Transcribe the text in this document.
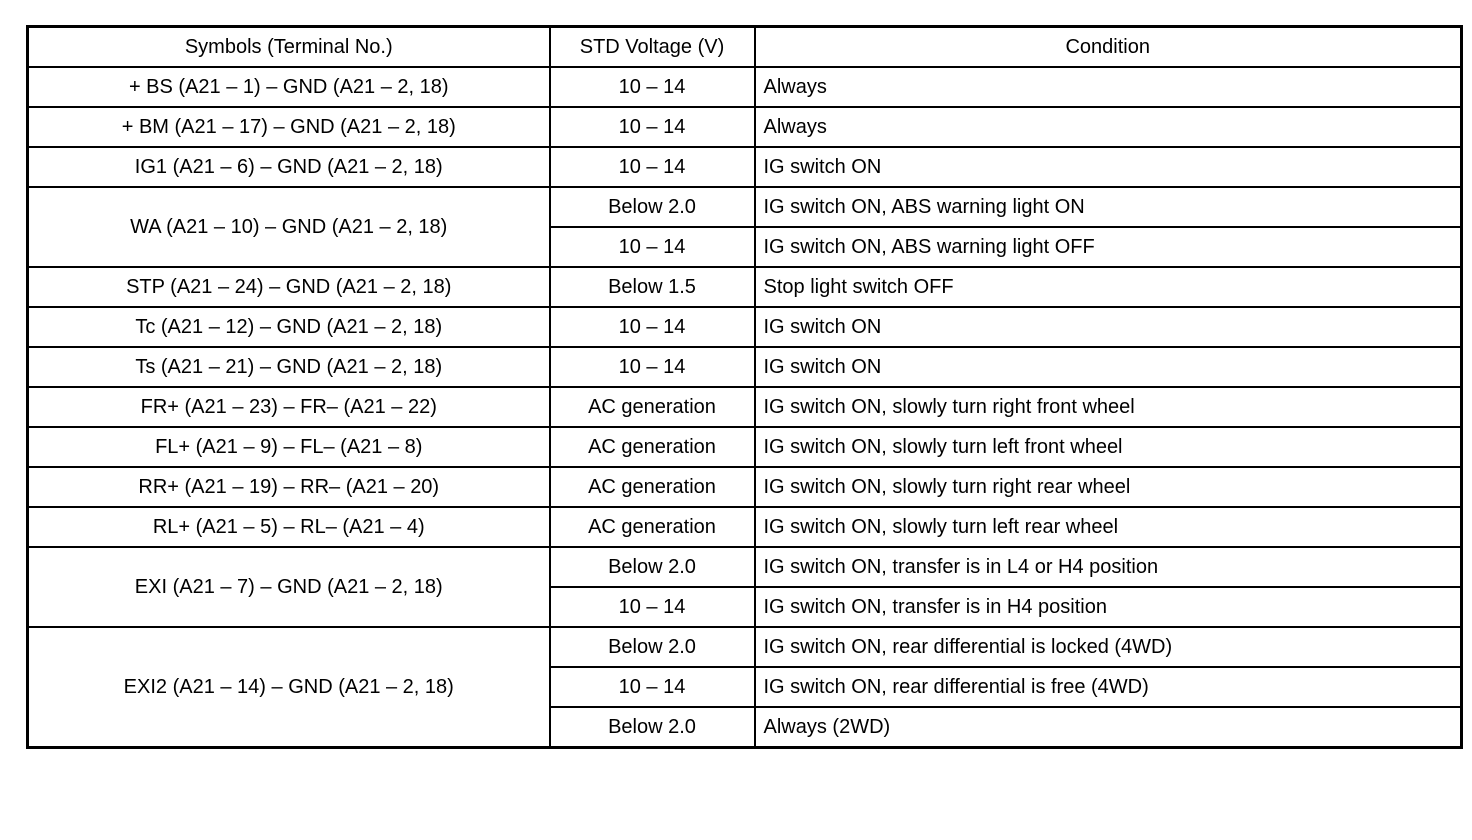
Symbols (Terminal No.)	STD Voltage (V)	Condition
+ BS (A21 – 1) – GND (A21 – 2, 18)	10 – 14	Always
+ BM (A21 – 17) – GND (A21 – 2, 18)	10 – 14	Always
IG1 (A21 – 6) – GND (A21 – 2, 18)	10 – 14	IG switch ON
WA (A21 – 10) – GND (A21 – 2, 18)	Below 2.0	IG switch ON, ABS warning light ON
	10 – 14	IG switch ON, ABS warning light OFF
STP (A21 – 24) – GND (A21 – 2, 18)	Below 1.5	Stop light switch OFF
Tc (A21 – 12) – GND (A21 – 2, 18)	10 – 14	IG switch ON
Ts (A21 – 21) – GND (A21 – 2, 18)	10 – 14	IG switch ON
FR+ (A21 – 23) – FR– (A21 – 22)	AC generation	IG switch ON, slowly turn right front wheel
FL+ (A21 – 9) – FL– (A21 – 8)	AC generation	IG switch ON, slowly turn left front wheel
RR+ (A21 – 19) – RR– (A21 – 20)	AC generation	IG switch ON, slowly turn right rear wheel
RL+ (A21 – 5) – RL– (A21 – 4)	AC generation	IG switch ON, slowly turn left rear wheel
EXI (A21 – 7) – GND (A21 – 2, 18)	Below 2.0	IG switch ON, transfer is in L4 or H4 position
	10 – 14	IG switch ON, transfer is in H4 position
EXI2 (A21 – 14) – GND (A21 – 2, 18)	Below 2.0	IG switch ON, rear differential is locked (4WD)
	10 – 14	IG switch ON, rear differential is free (4WD)
	Below 2.0	Always (2WD)
